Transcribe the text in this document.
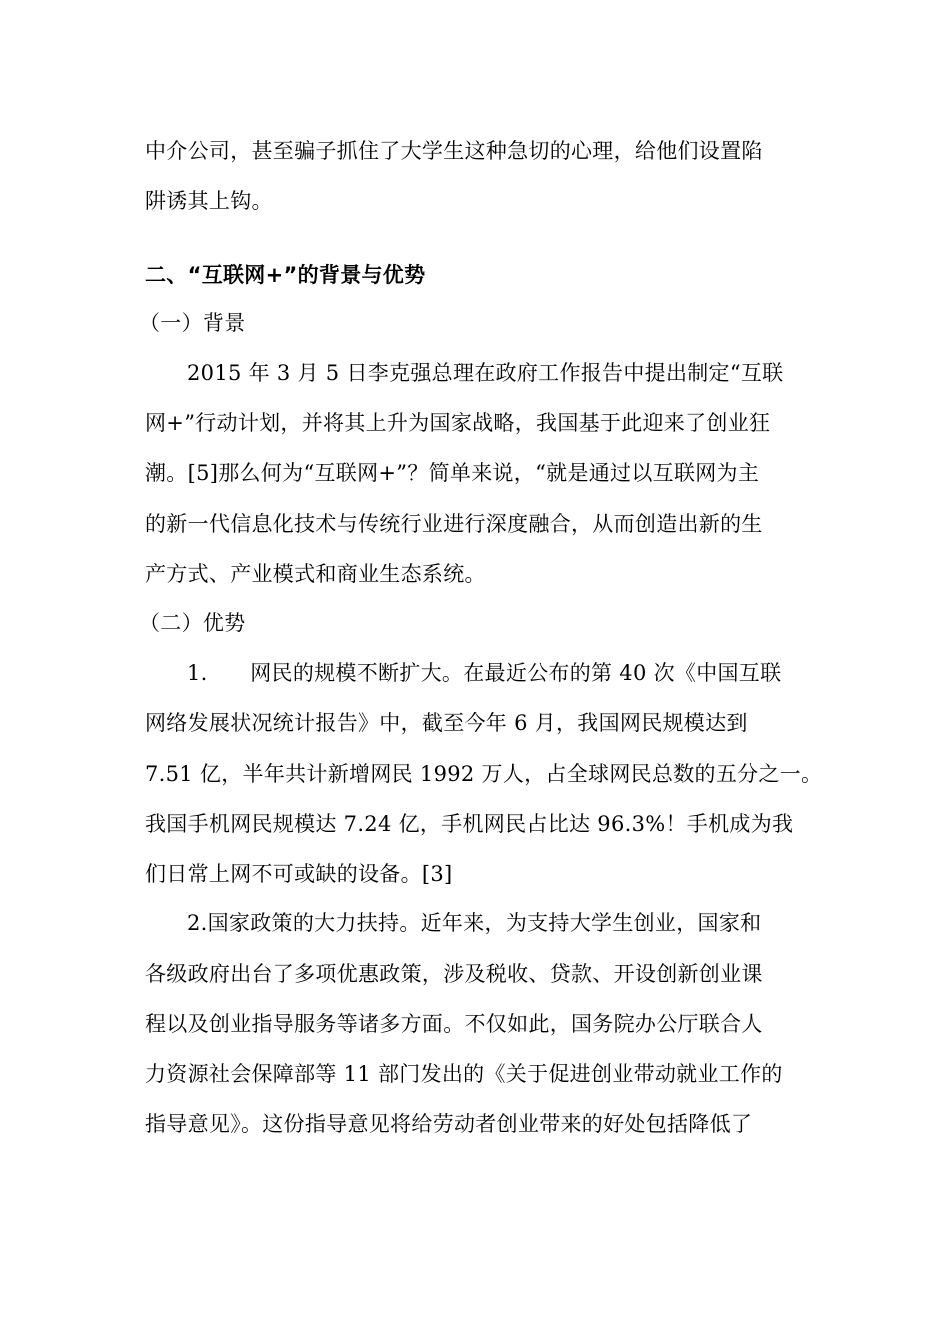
中介公司，甚至骗子抓住了大学生这种急切的心理，给他们设置陷
阱诱其上钩。
二、“互联网+”的背景与优势
（一）背景
2015 年 3 月 5 日李克强总理在政府工作报告中提出制定“互联
网+”行动计划，并将其上升为国家战略，我国基于此迎来了创业狂
潮。[5]那么何为“互联网+”？简单来说，“就是通过以互联网为主
的新一代信息化技术与传统行业进行深度融合，从而创造出新的生
产方式、产业模式和商业生态系统。
（二）优势
1.　　网民的规模不断扩大。在最近公布的第 40 次《中国互联
网络发展状况统计报告》中，截至今年 6 月，我国网民规模达到
7.51 亿，半年共计新增网民 1992 万人，占全球网民总数的五分之一。
我国手机网民规模达 7.24 亿，手机网民占比达 96.3%！手机成为我
们日常上网不可或缺的设备。[3]
2.国家政策的大力扶持。近年来，为支持大学生创业，国家和
各级政府出台了多项优惠政策，涉及税收、贷款、开设创新创业课
程以及创业指导服务等诸多方面。不仅如此，国务院办公厅联合人
力资源社会保障部等 11 部门发出的《关于促进创业带动就业工作的
指导意见》。这份指导意见将给劳动者创业带来的好处包括降低了
